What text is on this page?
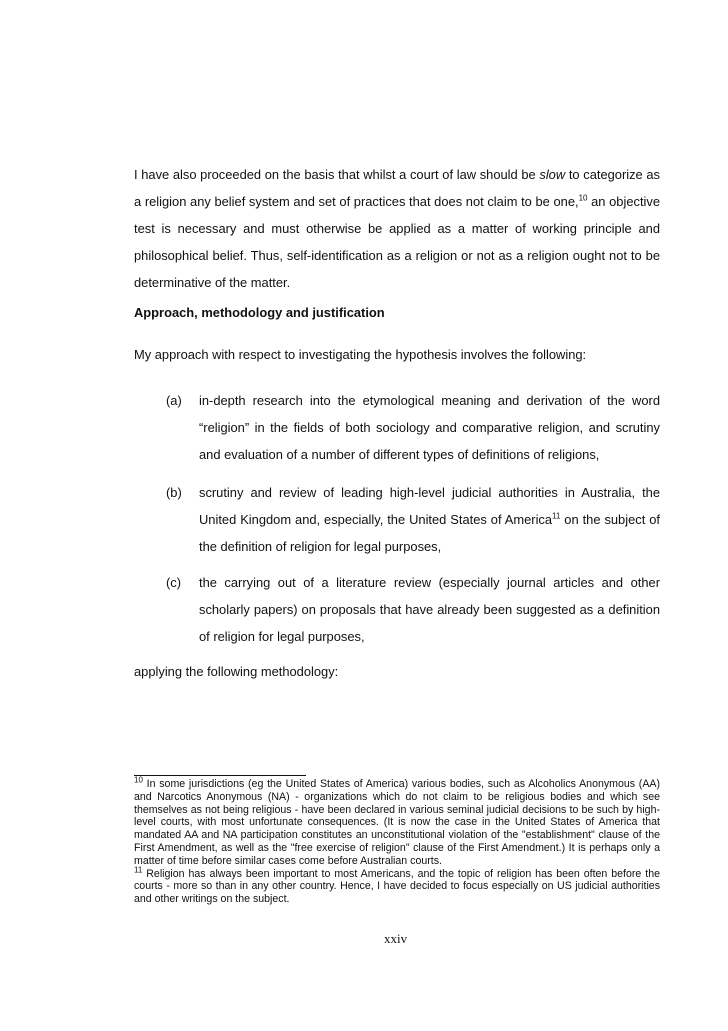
I have also proceeded on the basis that whilst a court of law should be slow to categorize as a religion any belief system and set of practices that does not claim to be one,$^{10}$ an objective test is necessary and must otherwise be applied as a matter of working principle and philosophical belief. Thus, self-identification as a religion or not as a religion ought not to be determinative of the matter.

Approach, methodology and justification

My approach with respect to investigating the hypothesis involves the following:

(a) in-depth research into the etymological meaning and derivation of the word “religion” in the fields of both sociology and comparative religion, and scrutiny and evaluation of a number of different types of definitions of religions,
(b) scrutiny and review of leading high-level judicial authorities in Australia, the United Kingdom and, especially, the United States of America$^{11}$ on the subject of the definition of religion for legal purposes,
(c) the carrying out of a literature review (especially journal articles and other scholarly papers) on proposals that have already been suggested as a definition of religion for legal purposes,

applying the following methodology:

$^{10}$ In some jurisdictions (eg the United States of America) various bodies, such as Alcoholics Anonymous (AA) and Narcotics Anonymous (NA) - organizations which do not claim to be religious bodies and which see themselves as not being religious - have been declared in various seminal judicial decisions to be such by high-level courts, with most unfortunate consequences. (It is now the case in the United States of America that mandated AA and NA participation constitutes an unconstitutional violation of the "establishment" clause of the First Amendment, as well as the "free exercise of religion" clause of the First Amendment.) It is perhaps only a matter of time before similar cases come before Australian courts.

$^{11}$ Religion has always been important to most Americans, and the topic of religion has been often before the courts - more so than in any other country. Hence, I have decided to focus especially on US judicial authorities and other writings on the subject.

xxiv
